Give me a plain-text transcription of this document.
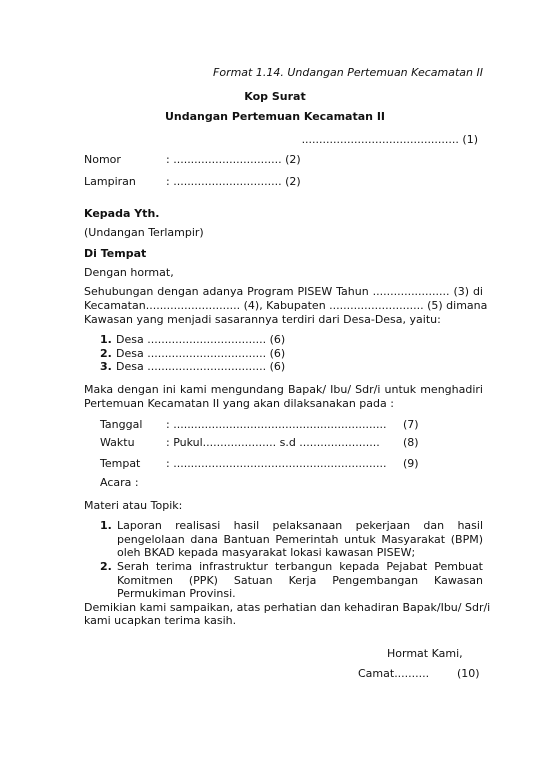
Format 1.14. Undangan Pertemuan Kecamatan II
Kop Surat
Undangan Pertemuan Kecamatan II
............................................. (1)
Nomor	: ............................... (2)
Lampiran	: ............................... (2)
Kepada Yth.
(Undangan Terlampir)
Di Tempat
Dengan hormat,
Sehubungan dengan adanya Program PISEW Tahun ...................... (3) di
Kecamatan........................... (4), Kabupaten ........................... (5) dimana
Kawasan yang menjadi sasarannya terdiri dari Desa-Desa, yaitu:
1. Desa .................................. (6)
2. Desa .................................. (6)
3. Desa .................................. (6)
Maka dengan ini kami mengundang Bapak/ Ibu/ Sdr/i untuk menghadiri
Pertemuan Kecamatan II yang akan dilaksanakan pada :
Tanggal : ............................................................. (7)
Waktu	: Pukul..................... s.d ....................... (8)
Tempat : ............................................................. (9)
Acara :
Materi atau Topik:
1. Laporan realisasi hasil pelaksanaan pekerjaan dan hasil
pengelolaan dana Bantuan Pemerintah untuk Masyarakat (BPM)
oleh BKAD kepada masyarakat lokasi kawasan PISEW;
2. Serah terima infrastruktur terbangun kepada Pejabat Pembuat
Komitmen (PPK) Satuan Kerja Pengembangan Kawasan
Permukiman Provinsi.
Demikian kami sampaikan, atas perhatian dan kehadiran Bapak/Ibu/ Sdr/i
kami ucapkan terima kasih.
Hormat Kami,
Camat..........	(10)
